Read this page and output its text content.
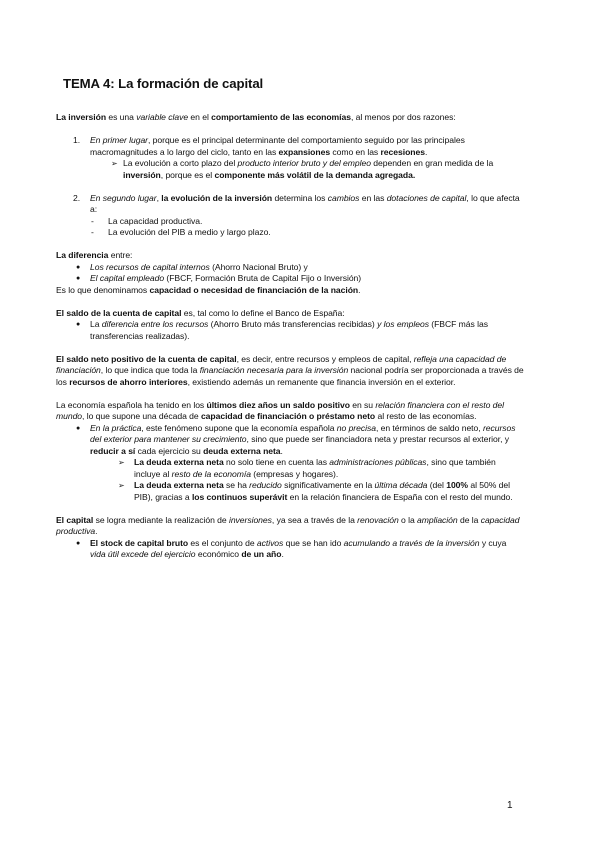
TEMA 4: La formación de capital

La inversión es una variable clave en el comportamiento de las economías, al menos por dos razones:

1. En primer lugar, porque es el principal determinante del comportamiento seguido por las principales macromagnitudes a lo largo del ciclo, tanto en las expansiones como en las recesiones.

➢ La evolución a corto plazo del producto interior bruto y del empleo dependen en gran medida de la inversión, porque es el componente más volátil de la demanda agregada.

2. En segundo lugar, la evolución de la inversión determina los cambios en las dotaciones de capital, lo que afecta a:

- La capacidad productiva.

- La evolución del PIB a medio y largo plazo.

La diferencia entre:

● Los recursos de capital internos (Ahorro Nacional Bruto) y

● El capital empleado (FBCF, Formación Bruta de Capital Fijo o Inversión)

Es lo que denominamos capacidad o necesidad de financiación de la nación.

El saldo de la cuenta de capital es, tal como lo define el Banco de España:

● La diferencia entre los recursos (Ahorro Bruto más transferencias recibidas) y los empleos (FBCF más las transferencias realizadas).

El saldo neto positivo de la cuenta de capital, es decir, entre recursos y empleos de capital, refleja una capacidad de financiación, lo que indica que toda la financiación necesaria para la inversión nacional podría ser proporcionada a través de los recursos de ahorro interiores, existiendo además un remanente que financia inversión en el exterior.

La economía española ha tenido en los últimos diez años un saldo positivo en su relación financiera con el resto del mundo, lo que supone una década de capacidad de financiación o préstamo neto al resto de las economías.

● En la práctica, este fenómeno supone que la economía española no precisa, en términos de saldo neto, recursos del exterior para mantener su crecimiento, sino que puede ser financiadora neta y prestar recursos al exterior, y reducir a sí cada ejercicio su deuda externa neta.

➢ La deuda externa neta no solo tiene en cuenta las administraciones públicas, sino que también incluye al resto de la economía (empresas y hogares).

➢ La deuda externa neta se ha reducido significativamente en la última década (del 100% al 50% del PIB), gracias a los continuos superávit en la relación financiera de España con el resto del mundo.

El capital se logra mediante la realización de inversiones, ya sea a través de la renovación o la ampliación de la capacidad productiva.

● El stock de capital bruto es el conjunto de activos que se han ido acumulando a través de la inversión y cuya vida útil excede del ejercicio económico de un año.

1
